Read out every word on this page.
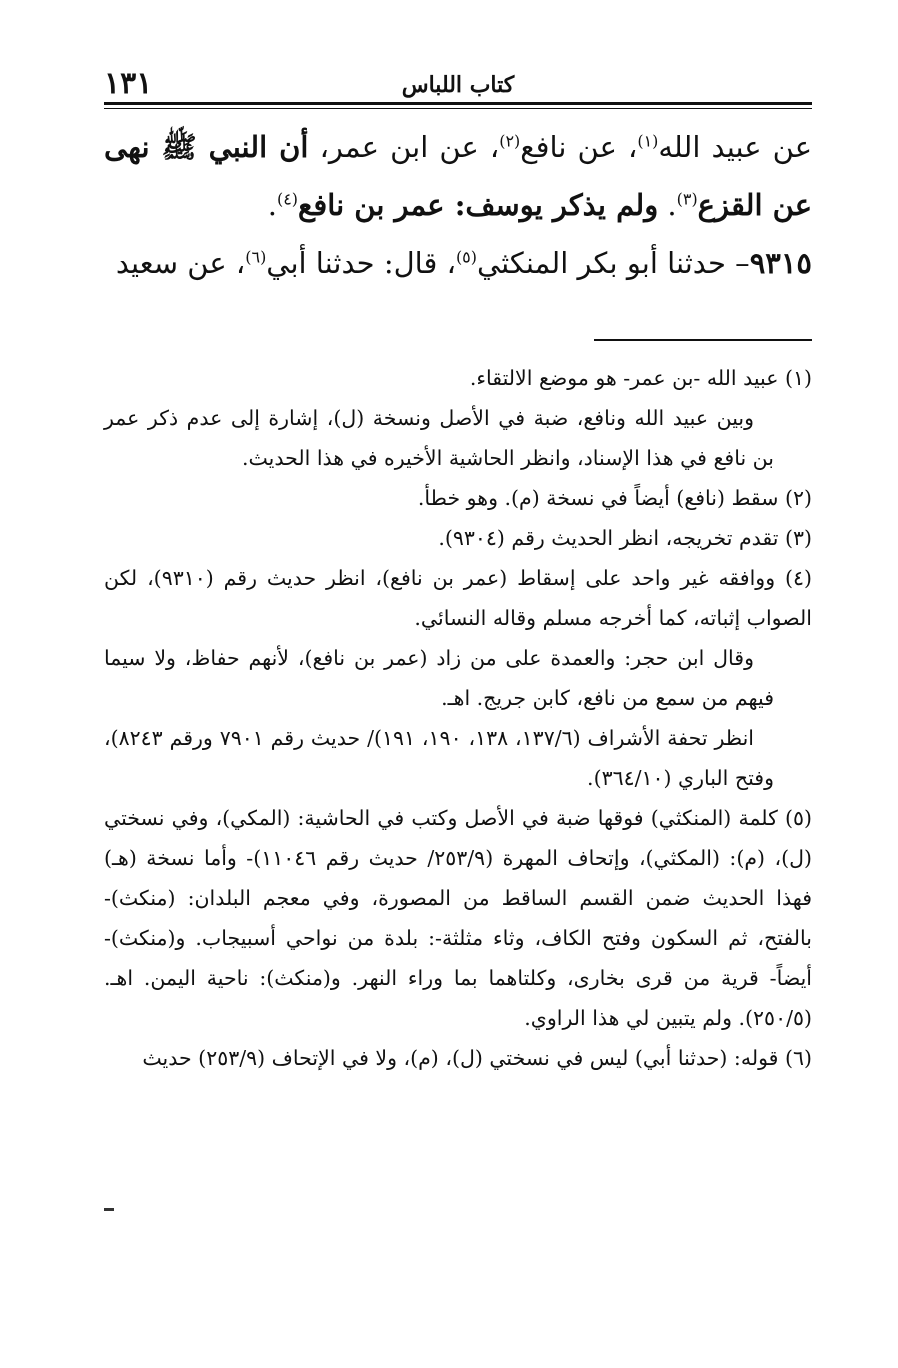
١٣١	كتاب اللباس

عن عبيد الله$^{(١)}$، عن نافع$^{(٢)}$، عن ابن عمر، أن النبي ﷺ نهى عن القزع$^{(٣)}$. ولم يذكر يوسف: عمر بن نافع$^{(٤)}$.

٩٣١٥– حدثنا أبو بكر المنكثي$^{(٥)}$، قال: حدثنا أبي$^{(٦)}$، عن سعيد

(١) عبيد الله -بن عمر- هو موضع الالتقاء.

وبين عبيد الله ونافع، ضبة في الأصل ونسخة (ل)، إشارة إلى عدم ذكر عمر بن نافع في هذا الإسناد، وانظر الحاشية الأخيره في هذا الحديث.

(٢) سقط (نافع) أيضاً في نسخة (م). وهو خطأ.

(٣) تقدم تخريجه، انظر الحديث رقم (٩٣٠٤).

(٤) ووافقه غير واحد على إسقاط (عمر بن نافع)، انظر حديث رقم (٩٣١٠)، لكن الصواب إثباته، كما أخرجه مسلم وقاله النسائي.

وقال ابن حجر: والعمدة على من زاد (عمر بن نافع)، لأنهم حفاظ، ولا سيما فيهم من سمع من نافع، كابن جريج. اهـ.

انظر تحفة الأشراف (١٣٧/٦، ١٣٨، ١٩٠، ١٩١)/ حديث رقم ٧٩٠١ ورقم ٨٢٤٣)، وفتح الباري (٣٦٤/١٠).

(٥) كلمة (المنكثي) فوقها ضبة في الأصل وكتب في الحاشية: (المكي)، وفي نسختي (ل)، (م): (المكثي)، وإتحاف المهرة (٢٥٣/٩/ حديث رقم ١١٠٤٦)- وأما نسخة (هـ) فهذا الحديث ضمن القسم الساقط من المصورة، وفي معجم البلدان: (منكث)- بالفتح، ثم السكون وفتح الكاف، وثاء مثلثة-: بلدة من نواحي أسبيجاب. و(منكث)- أيضاً- قرية من قرى بخارى، وكلتاهما بما وراء النهر. و(منكث): ناحية اليمن. اهـ. (٢٥٠/٥). ولم يتبين لي هذا الراوي.

(٦) قوله: (حدثنا أبي) ليس في نسختي (ل)، (م)، ولا في الإتحاف (٢٥٣/٩) حديث
